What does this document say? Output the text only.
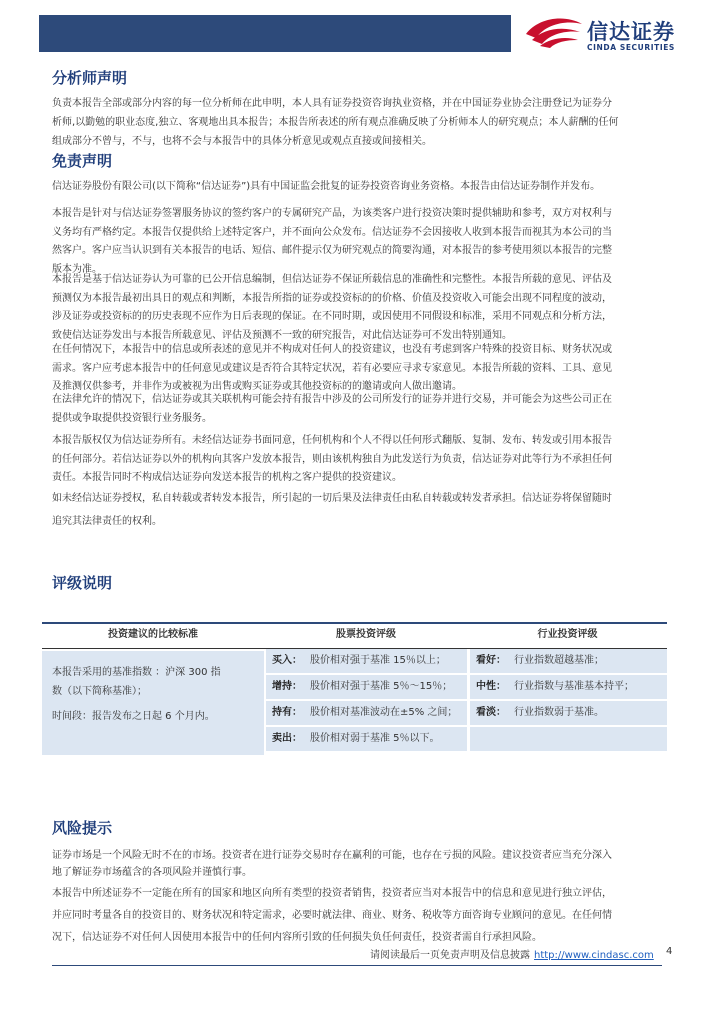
信达证券
CINDA SECURITIES
分析师声明
负责本报告全部或部分内容的每一位分析师在此申明，本人具有证券投资咨询执业资格，并在中国证券业协会注册登记为证券分
析师,以勤勉的职业态度,独立、客观地出具本报告；本报告所表述的所有观点准确反映了分析师本人的研究观点；本人薪酬的任何
组成部分不曾与，不与，也将不会与本报告中的具体分析意见或观点直接或间接相关。
免责声明
信达证券股份有限公司(以下简称“信达证券”)具有中国证监会批复的证券投资咨询业务资格。本报告由信达证券制作并发布。
本报告是针对与信达证券签署服务协议的签约客户的专属研究产品，为该类客户进行投资决策时提供辅助和参考，双方对权利与
义务均有严格约定。本报告仅提供给上述特定客户，并不面向公众发布。信达证券不会因接收人收到本报告而视其为本公司的当
然客户。客户应当认识到有关本报告的电话、短信、邮件提示仅为研究观点的简要沟通，对本报告的参考使用须以本报告的完整
版本为准。
本报告是基于信达证券认为可靠的已公开信息编制，但信达证券不保证所载信息的准确性和完整性。本报告所载的意见、评估及
预测仅为本报告最初出具日的观点和判断，本报告所指的证券或投资标的的价格、价值及投资收入可能会出现不同程度的波动，
涉及证券或投资标的的历史表现不应作为日后表现的保证。在不同时期，或因使用不同假设和标准，采用不同观点和分析方法，
致使信达证券发出与本报告所载意见、评估及预测不一致的研究报告，对此信达证券可不发出特别通知。
在任何情况下，本报告中的信息或所表述的意见并不构成对任何人的投资建议，也没有考虑到客户特殊的投资目标、财务状况或
需求。客户应考虑本报告中的任何意见或建议是否符合其特定状况，若有必要应寻求专家意见。本报告所载的资料、工具、意见
及推测仅供参考，并非作为或被视为出售或购买证券或其他投资标的的邀请或向人做出邀请。
在法律允许的情况下，信达证券或其关联机构可能会持有报告中涉及的公司所发行的证券并进行交易，并可能会为这些公司正在
提供或争取提供投资银行业务服务。
本报告版权仅为信达证券所有。未经信达证券书面同意，任何机构和个人不得以任何形式翻版、复制、发布、转发或引用本报告
的任何部分。若信达证券以外的机构向其客户发放本报告，则由该机构独自为此发送行为负责，信达证券对此等行为不承担任何
责任。本报告同时不构成信达证券向发送本报告的机构之客户提供的投资建议。
如未经信达证券授权，私自转载或者转发本报告，所引起的一切后果及法律责任由私自转载或转发者承担。信达证券将保留随时
追究其法律责任的权利。
评级说明
投资建议的比较标准	股票投资评级	行业投资评级
本报告采用的基准指数 ：沪深 300 指
数（以下简称基准）；
时间段：报告发布之日起 6 个月内。
买入： 股价相对强于基准 15％以上；
增持： 股价相对强于基准 5％～15％；
持有： 股价相对基准波动在±5% 之间；
卖出： 股价相对弱于基准 5％以下。
看好： 行业指数超越基准；
中性： 行业指数与基准基本持平；
看淡： 行业指数弱于基准。
风险提示
证券市场是一个风险无时不在的市场。投资者在进行证券交易时存在赢利的可能，也存在亏损的风险。建议投资者应当充分深入
地了解证券市场蕴含的各项风险并谨慎行事。
本报告中所述证券不一定能在所有的国家和地区向所有类型的投资者销售，投资者应当对本报告中的信息和意见进行独立评估，
并应同时考量各自的投资目的、财务状况和特定需求，必要时就法律、商业、财务、税收等方面咨询专业顾问的意见。在任何情
况下，信达证券不对任何人因使用本报告中的任何内容所引致的任何损失负任何责任，投资者需自行承担风险。
请阅读最后一页免责声明及信息披露 http://www.cindasc.com 4
